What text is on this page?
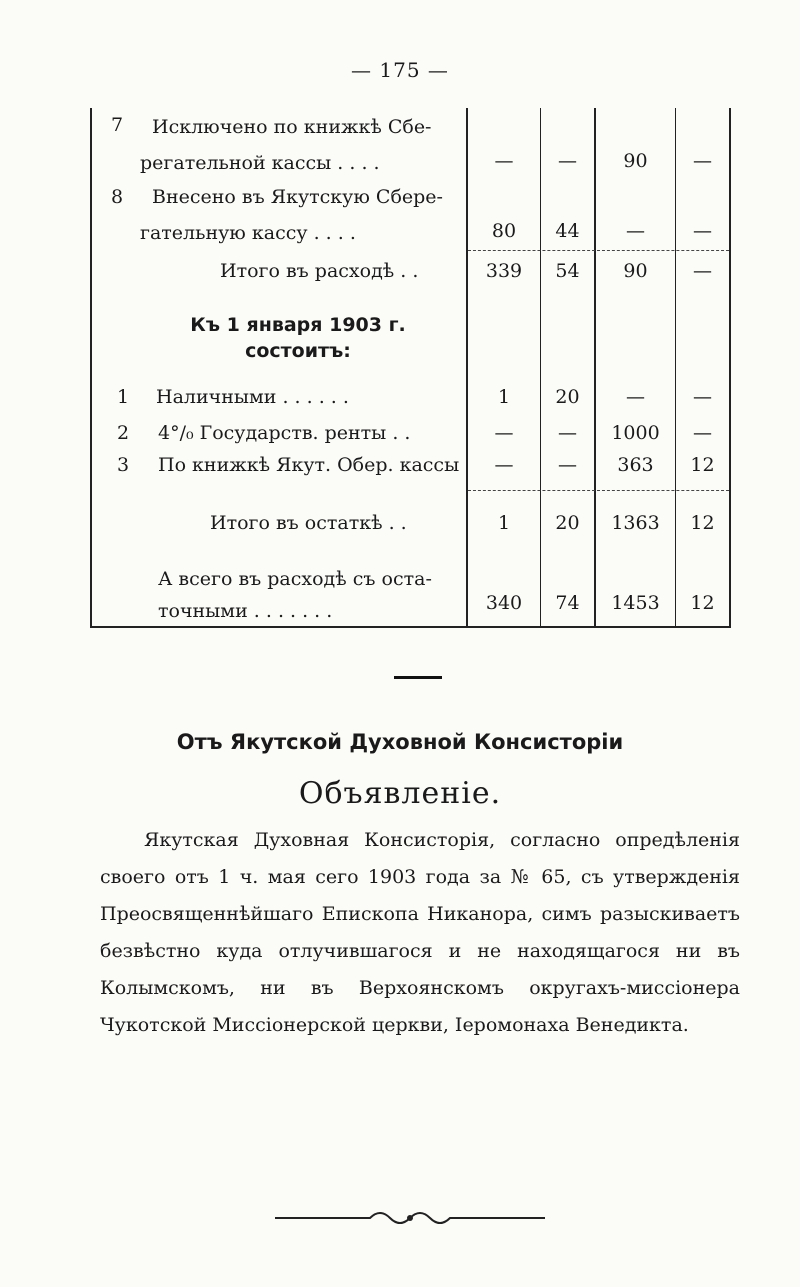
— 175 —
7	Исключено по книжкѣ Сбе-
регательной кассы . . . .	—	—	90	—
8	Внесено въ Якутскую Сбере-
гательную кассу . . . .	80	44	—	—
Итого въ расходѣ . .	339	54	90	—
Къ 1 января 1903 г.
состоитъ:
1	Наличными . . . . . .	1	20	—	—
2	4°/₀ Государств. ренты . .	—	—	1000	—
3	По книжкѣ Якут. Обер. кассы	—	—	363	12
Итого въ остаткѣ . .	1	20	1363	12
А всего въ расходѣ съ оста-
точными . . . . . . .	340	74	1453	12
Отъ Якутской Духовной Консисторіи
Объявленіе.
Якутская Духовная Консисторія, согласно опредѣленія своего отъ 1 ч. мая сего 1903 года за № 65, съ утвержденія Преосвященнѣйшаго Епископа Никанора, симъ разыскиваетъ безвѣстно куда отлучившагося и не находящагося ни въ Колымскомъ, ни въ Верхоянскомъ округахъ-миссіонера Чукотской Миссіонерской церкви, Іеромонаха Венедикта.
